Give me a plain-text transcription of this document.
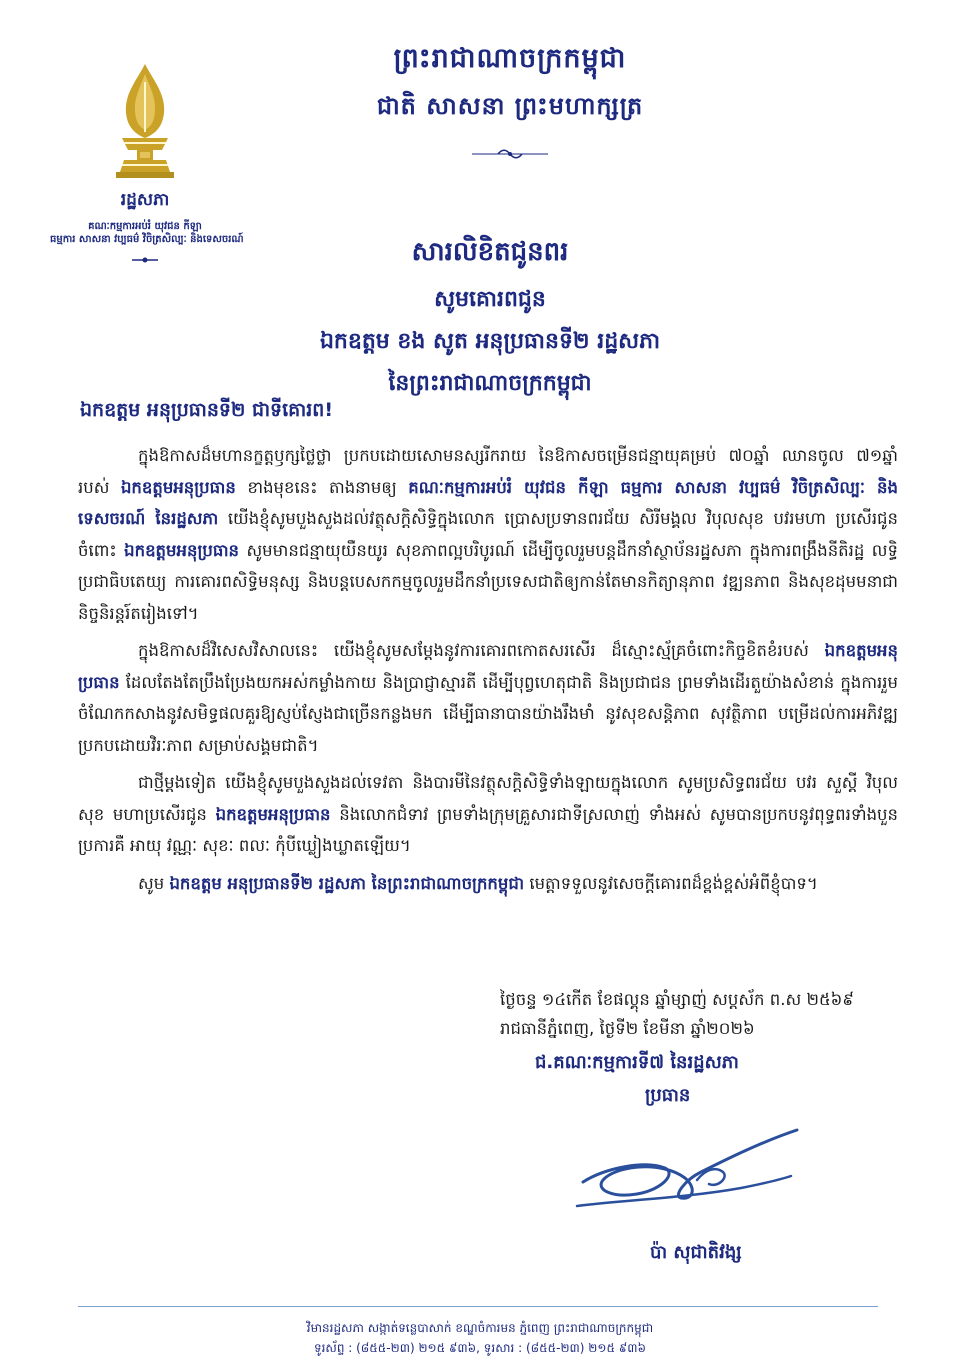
រដ្ឋសភា
គណៈកម្មការអប់រំ យុវជន កីឡា
ធម្មការ សាសនា វប្បធម៌ វិចិត្រសិល្បៈ និងទេសចរណ៍
ព្រះរាជាណាចក្រកម្ពុជា
ជាតិ សាសនា ព្រះមហាក្សត្រ
សារលិខិតជូនពរ
សូមគោរពជូន
ឯកឧត្តម ខង សូត អនុប្រធានទី២ រដ្ឋសភា
នៃព្រះរាជាណាចក្រកម្ពុជា
ឯកឧត្តម អនុប្រធានទី២ ជាទីគោរព!

ក្នុងឱកាសដ៏មហានក្ខត្តឫក្សថ្លៃថ្លា ប្រកបដោយសោមនស្សរីករាយ នៃឱកាសចម្រើនជន្មាយុគម្រប់ ៧០ឆ្នាំ ឈានចូល ៧១ឆ្នាំ របស់ ឯកឧត្តមអនុប្រធាន ខាងមុខនេះ តាងនាមឲ្យ គណៈកម្មការអប់រំ យុវជន កីឡា ធម្មការ សាសនា វប្បធម៌ វិចិត្រសិល្បៈ និង ទេសចរណ៍ នៃរដ្ឋសភា យើងខ្ញុំសូមបួងសួងដល់វត្ថុសក្តិសិទ្ធិក្នុងលោក ប្រោសប្រទានពរជ័យ សិរីមង្គល វិបុលសុខ បវរមហា ប្រសើរជូនចំពោះ ឯកឧត្តមអនុប្រធាន សូមមានជន្មាយុយឺនយូរ សុខភាពល្អបរិបូរណ៍ ដើម្បីចូលរួមបន្តដឹកនាំស្ថាប័នរដ្ឋសភា ក្នុងការពង្រឹងនីតិរដ្ឋ លទ្ធិប្រជាធិបតេយ្យ ការគោរពសិទ្ធិមនុស្ស និងបន្តបេសកកម្មចូលរួមដឹកនាំប្រទេសជាតិឲ្យកាន់តែមានកិត្យានុភាព វឌ្ឍនភាព និងសុខដុមមនាជានិច្ចនិរន្តរ៍តរៀងទៅ។

ក្នុងឱកាសដ៏វិសេសវិសាលនេះ យើងខ្ញុំសូមសម្តែងនូវការគោរពកោតសរសើរ ដ៏ស្មោះស្ម័គ្រចំពោះកិច្ចខិតខំរបស់ ឯកឧត្តមអនុប្រធាន ដែលតែងតែប្រឹងប្រែងយកអស់កម្លាំងកាយ និងប្រាជ្ញាស្មារតី ដើម្បីបុព្វហេតុជាតិ និងប្រជាជន ព្រមទាំងដើរតួយ៉ាងសំខាន់ ក្នុងការរួមចំណែកកសាងនូវសមិទ្ធផលគួរឱ្យស្ញប់ស្ញែងជាច្រើនកន្លងមក ដើម្បីធានាបានយ៉ាងរឹងមាំ នូវសុខសន្តិភាព សុវត្ថិភាព បម្រើដល់ការអភិវឌ្ឍប្រកបដោយវិរៈភាព សម្រាប់សង្គមជាតិ។

ជាថ្មីម្តងទៀត យើងខ្ញុំសូមបួងសួងដល់ទេវតា និងបារមីនៃវត្ថុសក្តិសិទ្ធិទាំងឡាយក្នុងលោក សូមប្រសិទ្ធពរជ័យ បវរ សួស្តី វិបុលសុខ មហាប្រសើរជូន ឯកឧត្តមអនុប្រធាន និងលោកជំទាវ ព្រមទាំងក្រុមគ្រួសារជាទីស្រលាញ់ ទាំងអស់ សូមបានប្រកបនូវពុទ្ធពរទាំងបួនប្រការគឺ អាយុ វណ្ណៈ សុខៈ ពលៈ កុំបីឃ្លៀងឃ្លាតឡើយ។

សូម ឯកឧត្តម អនុប្រធានទី២ រដ្ឋសភា នៃព្រះរាជាណាចក្រកម្ពុជា មេត្តាទទួលនូវសេចក្តីគោរពដ៏ខ្ពង់ខ្ពស់អំពីខ្ញុំបាទ។

ថ្ងៃចន្ទ ១៤កើត ខែផល្គុន ឆ្នាំម្សាញ់ សប្តស័ក ព.ស ២៥៦៩
រាជធានីភ្នំពេញ, ថ្ងៃទី២ ខែមីនា ឆ្នាំ២០២៦
ជ.គណៈកម្មការទី៧ នៃរដ្ឋសភា
ប្រធាន
ប៉ា សុជាតិវង្ស
វិមានរដ្ឋសភា សង្កាត់ទន្លេបាសាក់ ខណ្ឌចំការមន ភ្នំពេញ ព្រះរាជាណាចក្រកម្ពុជា
ទូរស័ព្ទ : (៨៥៥-២៣) ២១៥ ៩៣៦, ទូរសារ : (៨៥៥-២៣) ២១៥ ៩៣៦
